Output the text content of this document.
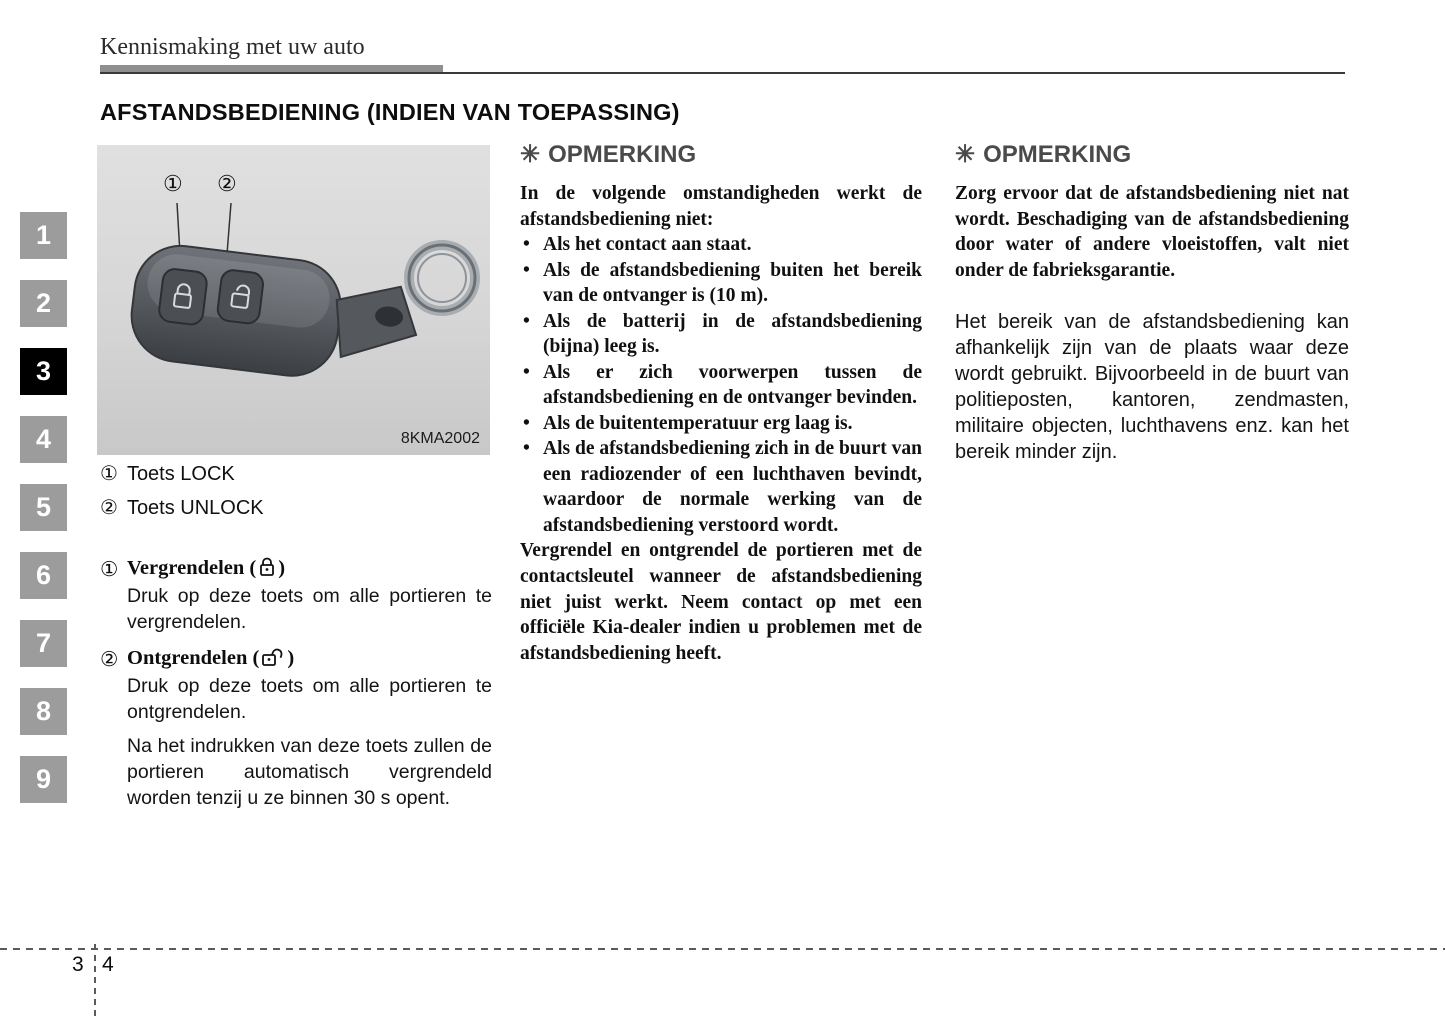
Kennismaking met uw auto
AFSTANDSBEDIENING (INDIEN VAN TOEPASSING)
1
2
3
4
5
6
7
8
9
① ②
8KMA2002
① Toets LOCK
② Toets UNLOCK
① Vergrendelen ( )
Druk op deze toets om alle portieren te vergrendelen.
② Ontgrendelen ( )
Druk op deze toets om alle portieren te ontgrendelen.
Na het indrukken van deze toets zullen de portieren automatisch vergrendeld worden tenzij u ze binnen 30 s opent.
✳ OPMERKING
In de volgende omstandigheden werkt de afstandsbediening niet:
• Als het contact aan staat.
• Als de afstandsbediening buiten het bereik van de ontvanger is (10 m).
• Als de batterij in de afstandsbediening (bijna) leeg is.
• Als er zich voorwerpen tussen de afstandsbediening en de ontvanger bevinden.
• Als de buitentemperatuur erg laag is.
• Als de afstandsbediening zich in de buurt van een radiozender of een luchthaven bevindt, waardoor de normale werking van de afstandsbediening verstoord wordt.
Vergrendel en ontgrendel de portieren met de contactsleutel wanneer de afstandsbediening niet juist werkt. Neem contact op met een officiële Kia-dealer indien u problemen met de afstandsbediening heeft.
✳ OPMERKING
Zorg ervoor dat de afstandsbediening niet nat wordt. Beschadiging van de afstandsbediening door water of andere vloeistoffen, valt niet onder de fabrieksgarantie.
Het bereik van de afstandsbediening kan afhankelijk zijn van de plaats waar deze wordt gebruikt. Bijvoorbeeld in de buurt van politieposten, kantoren, zendmasten, militaire objecten, luchthavens enz. kan het bereik minder zijn.
3 4
